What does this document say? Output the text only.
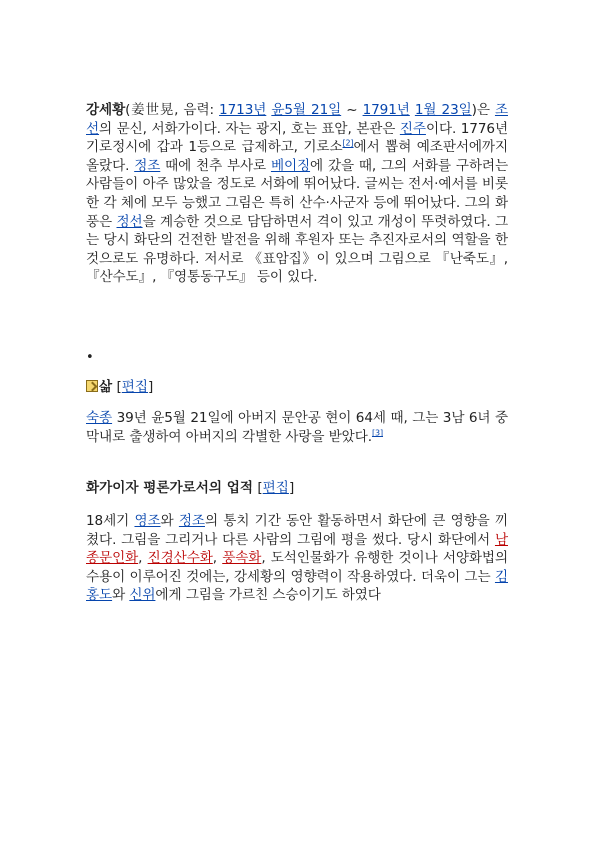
강세황(姜世晃, 음력: 1713년 윤5월 21일 ~ 1791년 1월 23일)은 조선의 문신, 서화가이다. 자는 광지, 호는 표암, 본관은 진주이다. 1776년 기로정시에 갑과 1등으로 급제하고, 기로소[2]에서 뽑혀 예조판서에까지 올랐다. 정조 때에 천추 부사로 베이징에 갔을 때, 그의 서화를 구하려는 사람들이 아주 많았을 정도로 서화에 뛰어났다. 글씨는 전서·예서를 비롯한 각 체에 모두 능했고 그림은 특히 산수·사군자 등에 뛰어났다. 그의 화풍은 정선을 계승한 것으로 담담하면서 격이 있고 개성이 뚜렷하였다. 그는 당시 화단의 건전한 발전을 위해 후원자 또는 추진자로서의 역할을 한 것으로도 유명하다. 저서로 《표암집》이 있으며 그림으로 『난죽도』, 『산수도』, 『영통동구도』 등이 있다.
•
삶 [편집]
숙종 39년 윤5월 21일에 아버지 문안공 현이 64세 때, 그는 3남 6녀 중 막내로 출생하여 아버지의 각별한 사랑을 받았다.[3]
화가이자 평론가로서의 업적 [편집]
18세기 영조와 정조의 통치 기간 동안 활동하면서 화단에 큰 영향을 끼쳤다. 그림을 그리거나 다른 사람의 그림에 평을 썼다. 당시 화단에서 남종문인화, 진경산수화, 풍속화, 도석인물화가 유행한 것이나 서양화법의 수용이 이루어진 것에는, 강세황의 영향력이 작용하였다. 더욱이 그는 김홍도와 신위에게 그림을 가르친 스승이기도 하였다
